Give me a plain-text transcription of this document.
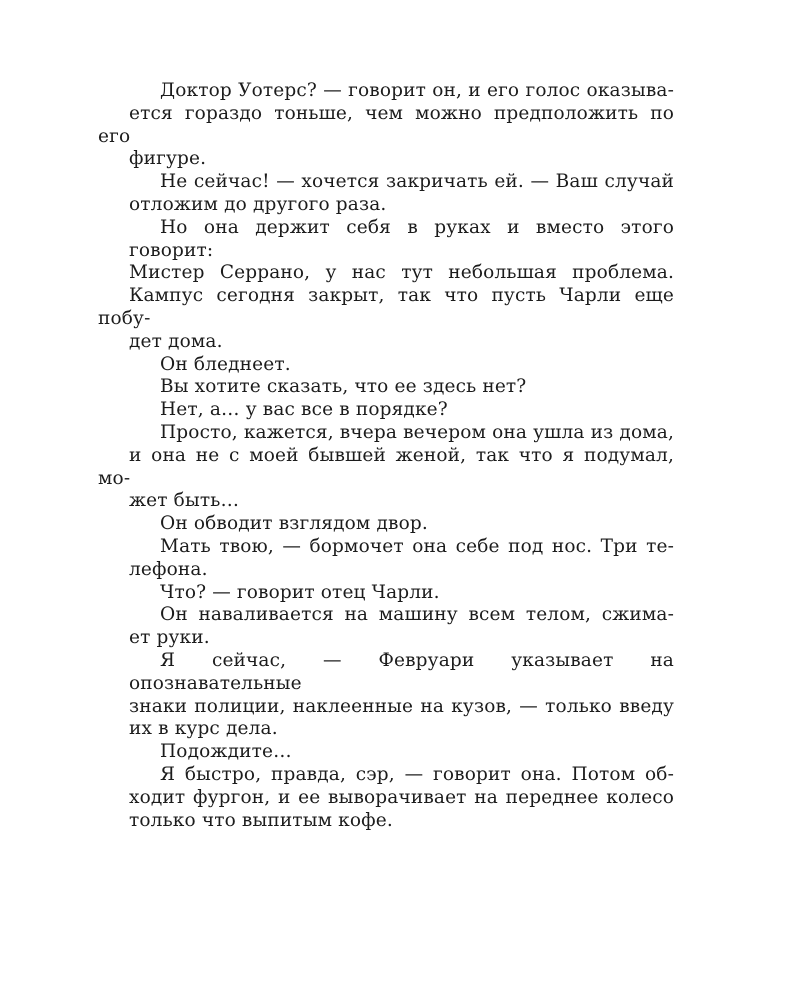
Доктор Уотерс? — говорит он, и его голос оказыва-
ется гораздо тоньше, чем можно предположить по его
фигуре.
Не сейчас! — хочется закричать ей. — Ваш случай
отложим до другого раза.
Но она держит себя в руках и вместо этого говорит:
Мистер Серрано, у нас тут небольшая проблема.
Кампус сегодня закрыт, так что пусть Чарли еще побу-
дет дома.
Он бледнеет.
Вы хотите сказать, что ее здесь нет?
Нет, а… у вас все в порядке?
Просто, кажется, вчера вечером она ушла из дома,
и она не с моей бывшей женой, так что я подумал, мо-
жет быть…
Он обводит взглядом двор.
Мать твою, — бормочет она себе под нос. Три те-
лефона.
Что? — говорит отец Чарли.
Он наваливается на машину всем телом, сжима-
ет руки.
Я сейчас, — Февруари указывает на опознавательные
знаки полиции, наклеенные на кузов, — только введу
их в курс дела.
Подождите…
Я быстро, правда, сэр, — говорит она. Потом об-
ходит фургон, и ее выворачивает на переднее колесо
только что выпитым кофе.
